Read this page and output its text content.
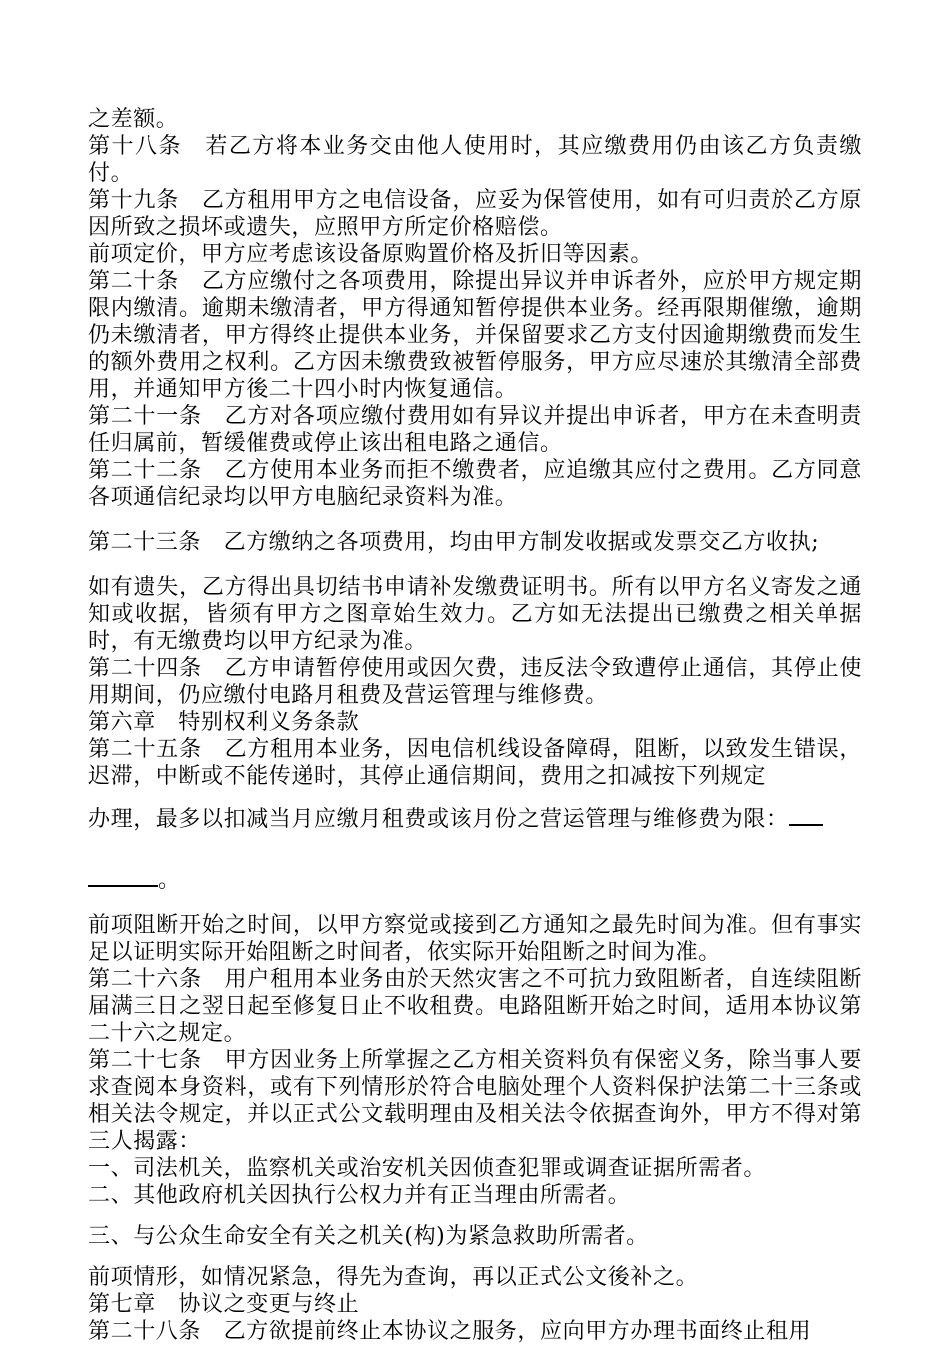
之差额。

第十八条　若乙方将本业务交由他人使用时，其应缴费用仍由该乙方负责缴付。

第十九条　乙方租用甲方之电信设备，应妥为保管使用，如有可归责於乙方原因所致之损坏或遗失，应照甲方所定价格赔偿。

前项定价，甲方应考虑该设备原购置价格及折旧等因素。

第二十条　乙方应缴付之各项费用，除提出异议并申诉者外，应於甲方规定期限内缴清。逾期未缴清者，甲方得通知暂停提供本业务。经再限期催缴，逾期仍未缴清者，甲方得终止提供本业务，并保留要求乙方支付因逾期缴费而发生的额外费用之权利。乙方因未缴费致被暂停服务，甲方应尽速於其缴清全部费用，并通知甲方後二十四小时内恢复通信。

第二十一条　乙方对各项应缴付费用如有异议并提出申诉者，甲方在未查明责任归属前，暂缓催费或停止该出租电路之通信。

第二十二条　乙方使用本业务而拒不缴费者，应追缴其应付之费用。乙方同意各项通信纪录均以甲方电脑纪录资料为准。

第二十三条　乙方缴纳之各项费用，均由甲方制发收据或发票交乙方收执;

如有遗失，乙方得出具切结书申请补发缴费证明书。所有以甲方名义寄发之通知或收据，皆须有甲方之图章始生效力。乙方如无法提出已缴费之相关单据时，有无缴费均以甲方纪录为准。

第二十四条　乙方申请暂停使用或因欠费，违反法令致遭停止通信，其停止使用期间，仍应缴付电路月租费及营运管理与维修费。

第六章　特别权利义务条款

第二十五条　乙方租用本业务，因电信机线设备障碍，阻断，以致发生错误，迟滞，中断或不能传递时，其停止通信期间，费用之扣减按下列规定

办理，最多以扣减当月应缴月租费或该月份之营运管理与维修费为限：

。

前项阻断开始之时间，以甲方察觉或接到乙方通知之最先时间为准。但有事实足以证明实际开始阻断之时间者，依实际开始阻断之时间为准。

第二十六条　用户租用本业务由於天然灾害之不可抗力致阻断者，自连续阻断届满三日之翌日起至修复日止不收租费。电路阻断开始之时间，适用本协议第二十六之规定。

第二十七条　甲方因业务上所掌握之乙方相关资料负有保密义务，除当事人要求查阅本身资料，或有下列情形於符合电脑处理个人资料保护法第二十三条或相关法令规定，并以正式公文载明理由及相关法令依据查询外，甲方不得对第三人揭露：

一、司法机关，监察机关或治安机关因侦查犯罪或调查证据所需者。

二、其他政府机关因执行公权力并有正当理由所需者。

三、与公众生命安全有关之机关(构)为紧急救助所需者。

前项情形，如情况紧急，得先为查询，再以正式公文後补之。

第七章　协议之变更与终止

第二十八条　乙方欲提前终止本协议之服务，应向甲方办理书面终止租用
